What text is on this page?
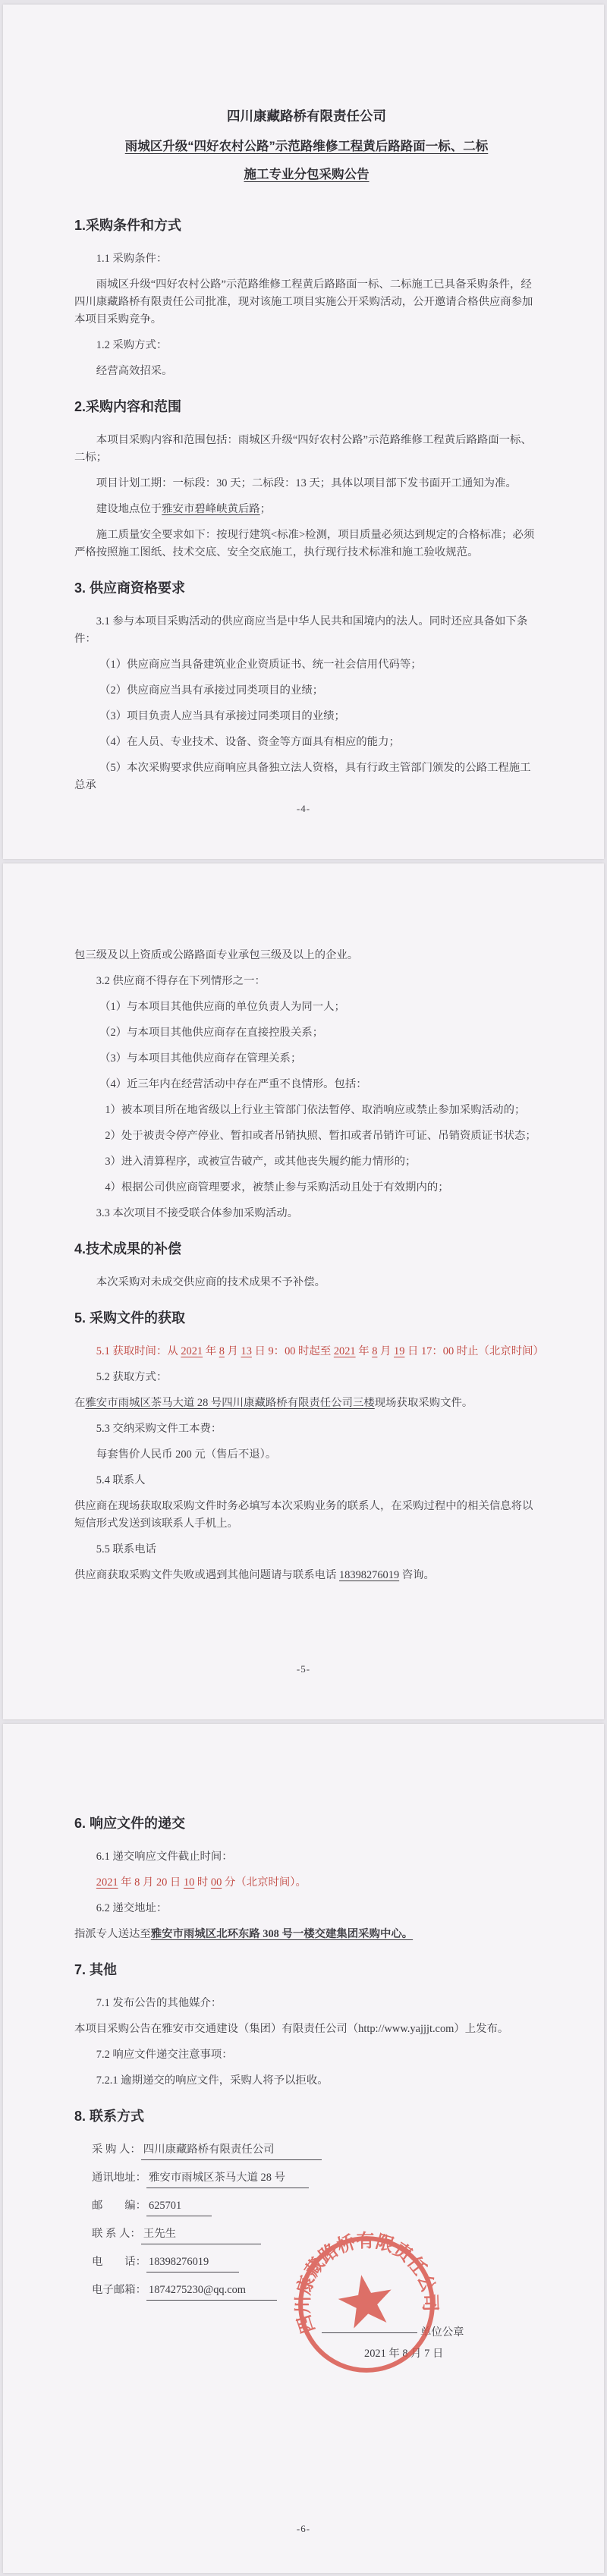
四川康藏路桥有限责任公司
雨城区升级“四好农村公路”示范路维修工程黄后路路面一标、二标
施工专业分包采购公告
1.采购条件和方式
1.1 采购条件：
雨城区升级“四好农村公路”示范路维修工程黄后路路面一标、二标施工已具备采购条件，经四川康藏路桥有限责任公司批准，现对该施工项目实施公开采购活动，公开邀请合格供应商参加本项目采购竞争。
1.2 采购方式：
经营高效招采。
2.采购内容和范围
本项目采购内容和范围包括：雨城区升级“四好农村公路”示范路维修工程黄后路路面一标、二标；
项目计划工期：一标段：30 天；二标段：13 天；具体以项目部下发书面开工通知为准。
建设地点位于雅安市碧峰峡黄后路；
施工质量安全要求如下：按现行建筑<标准>检测，项目质量必须达到规定的合格标准；必须严格按照施工图纸、技术交底、安全交底施工，执行现行技术标准和施工验收规范。
3. 供应商资格要求
3.1 参与本项目采购活动的供应商应当是中华人民共和国境内的法人。同时还应具备如下条件：
（1）供应商应当具备建筑业企业资质证书、统一社会信用代码等；
（2）供应商应当具有承接过同类项目的业绩；
（3）项目负责人应当具有承接过同类项目的业绩；
（4）在人员、专业技术、设备、资金等方面具有相应的能力；
（5）本次采购要求供应商响应具备独立法人资格，具有行政主管部门颁发的公路工程施工总承
-4-
包三级及以上资质或公路路面专业承包三级及以上的企业。
3.2 供应商不得存在下列情形之一：
（1）与本项目其他供应商的单位负责人为同一人；
（2）与本项目其他供应商存在直接控股关系；
（3）与本项目其他供应商存在管理关系；
（4）近三年内在经营活动中存在严重不良情形。包括：
1）被本项目所在地省级以上行业主管部门依法暂停、取消响应或禁止参加采购活动的；
2）处于被责令停产停业、暂扣或者吊销执照、暂扣或者吊销许可证、吊销资质证书状态；
3）进入清算程序，或被宣告破产，或其他丧失履约能力情形的；
4）根据公司供应商管理要求，被禁止参与采购活动且处于有效期内的；
3.3 本次项目不接受联合体参加采购活动。
4.技术成果的补偿
本次采购对未成交供应商的技术成果不予补偿。
5. 采购文件的获取
5.1 获取时间：从 2021 年 8 月 13 日 9：00 时起至 2021 年 8 月 19 日 17：00 时止（北京时间）
5.2 获取方式：
在雅安市雨城区茶马大道 28 号四川康藏路桥有限责任公司三楼现场获取采购文件。
5.3 交纳采购文件工本费：
每套售价人民币 200 元（售后不退）。
5.4 联系人
供应商在现场获取取采购文件时务必填写本次采购业务的联系人，在采购过程中的相关信息将以短信形式发送到该联系人手机上。
5.5 联系电话
供应商获取采购文件失败或遇到其他问题请与联系电话 18398276019 咨询。
-5-
6. 响应文件的递交
6.1 递交响应文件截止时间：
2021 年 8 月 20 日 10 时 00 分（北京时间）。
6.2 递交地址：
指派专人送达至雅安市雨城区北环东路 308 号一楼交建集团采购中心。
7. 其他
7.1 发布公告的其他媒介：
本项目采购公告在雅安市交通建设（集团）有限责任公司（http://www.yajjjt.com）上发布。
7.2 响应文件递交注意事项：
7.2.1 逾期递交的响应文件，采购人将予以拒收。
8. 联系方式
采 购 人： 四川康藏路桥有限责任公司
通讯地址： 雅安市雨城区茶马大道 28 号
邮　　编： 625701
联 系 人： 王先生
电　　话： 18398276019
电子邮箱： 1874275230@qq.com
单位公章
2021 年 8 月 7 日
四川康藏路桥有限责任公司
-6-
